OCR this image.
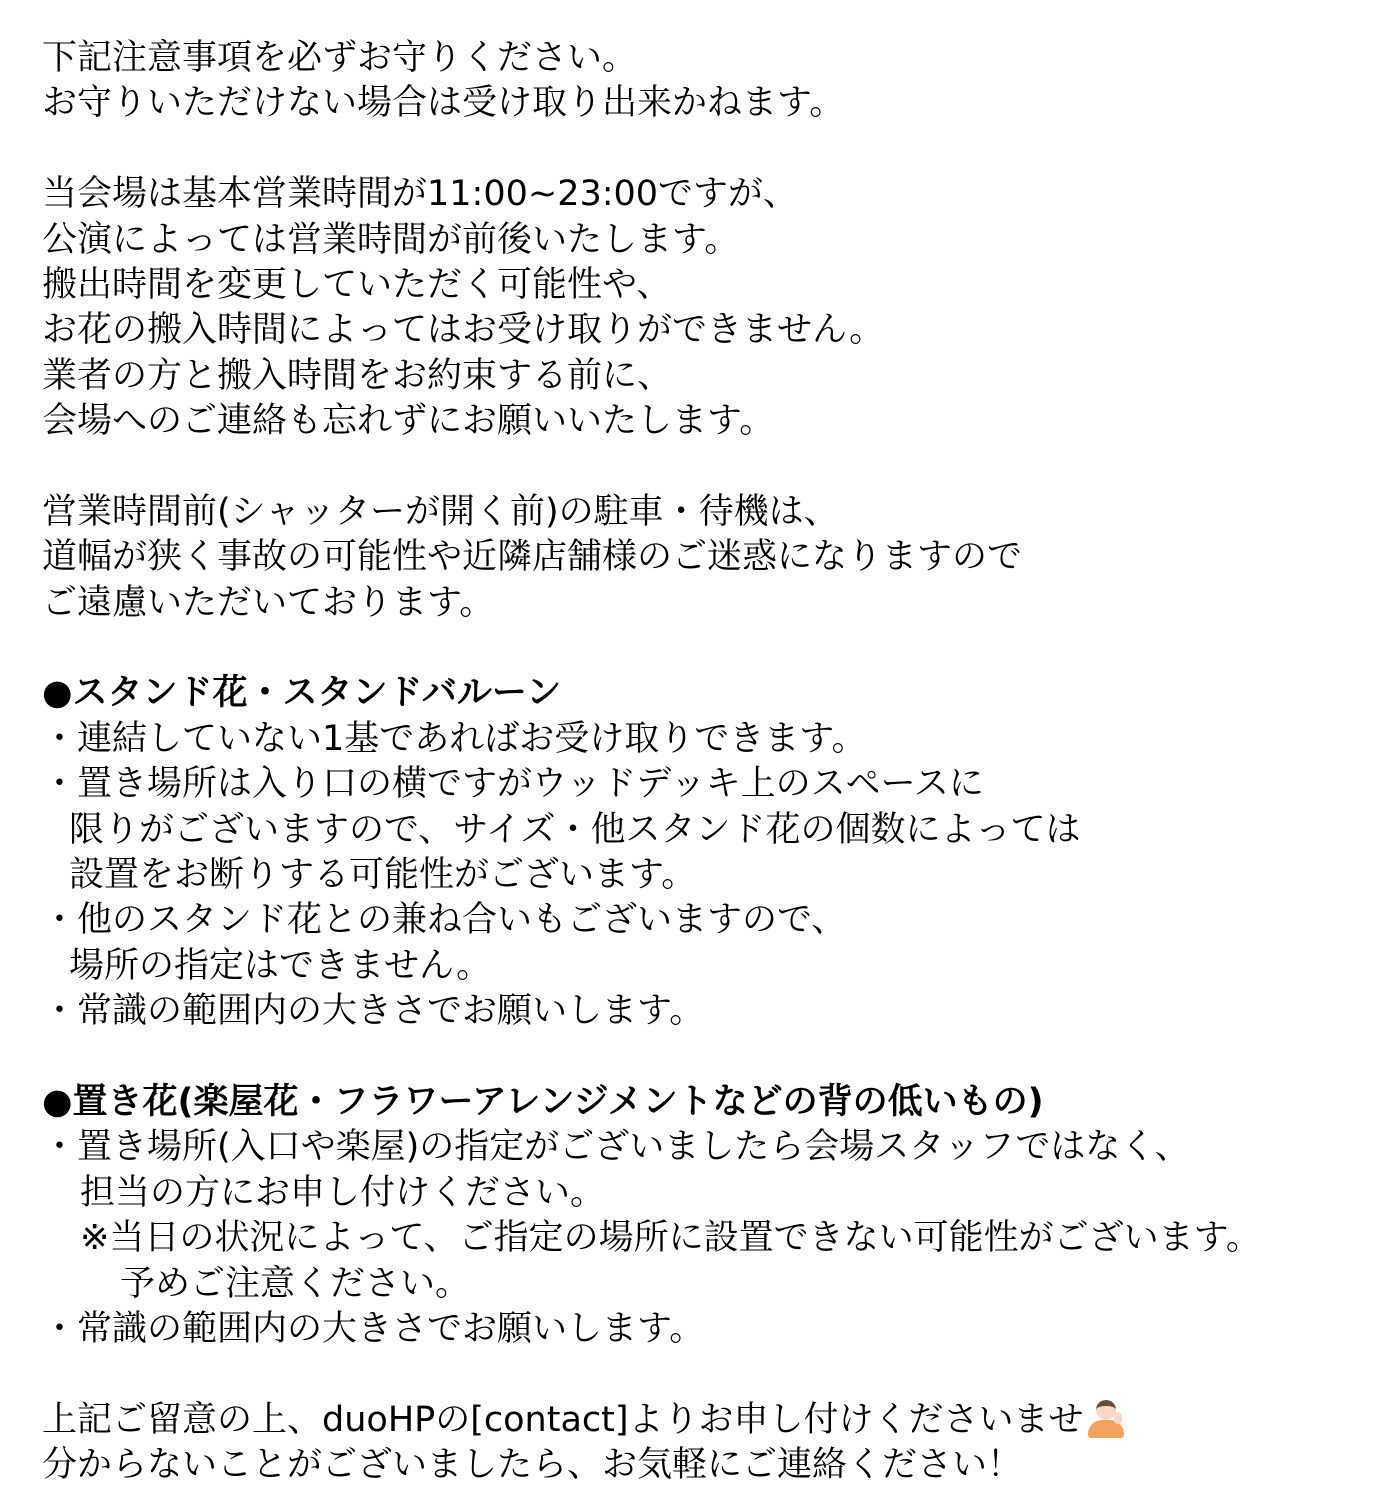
下記注意事項を必ずお守りください。
お守りいただけない場合は受け取り出来かねます。
当会場は基本営業時間が11:00~23:00ですが、
公演によっては営業時間が前後いたします。
搬出時間を変更していただく可能性や、
お花の搬入時間によってはお受け取りができません。
業者の方と搬入時間をお約束する前に、
会場へのご連絡も忘れずにお願いいたします。
営業時間前(シャッターが開く前)の駐車・待機は、
道幅が狭く事故の可能性や近隣店舗様のご迷惑になりますので
ご遠慮いただいております。
●スタンド花・スタンドバルーン
・連結していない1基であればお受け取りできます。
・置き場所は入り口の横ですがウッドデッキ上のスペースに
限りがございますので、サイズ・他スタンド花の個数によっては
設置をお断りする可能性がございます。
・他のスタンド花との兼ね合いもございますので、
場所の指定はできません。
・常識の範囲内の大きさでお願いします。
●置き花(楽屋花・フラワーアレンジメントなどの背の低いもの)
・置き場所(入口や楽屋)の指定がございましたら会場スタッフではなく、
担当の方にお申し付けください。
※当日の状況によって、ご指定の場所に設置できない可能性がございます。
予めご注意ください。
・常識の範囲内の大きさでお願いします。
上記ご留意の上、duoHPの[contact]よりお申し付けくださいませ
分からないことがございましたら、お気軽にご連絡ください！
